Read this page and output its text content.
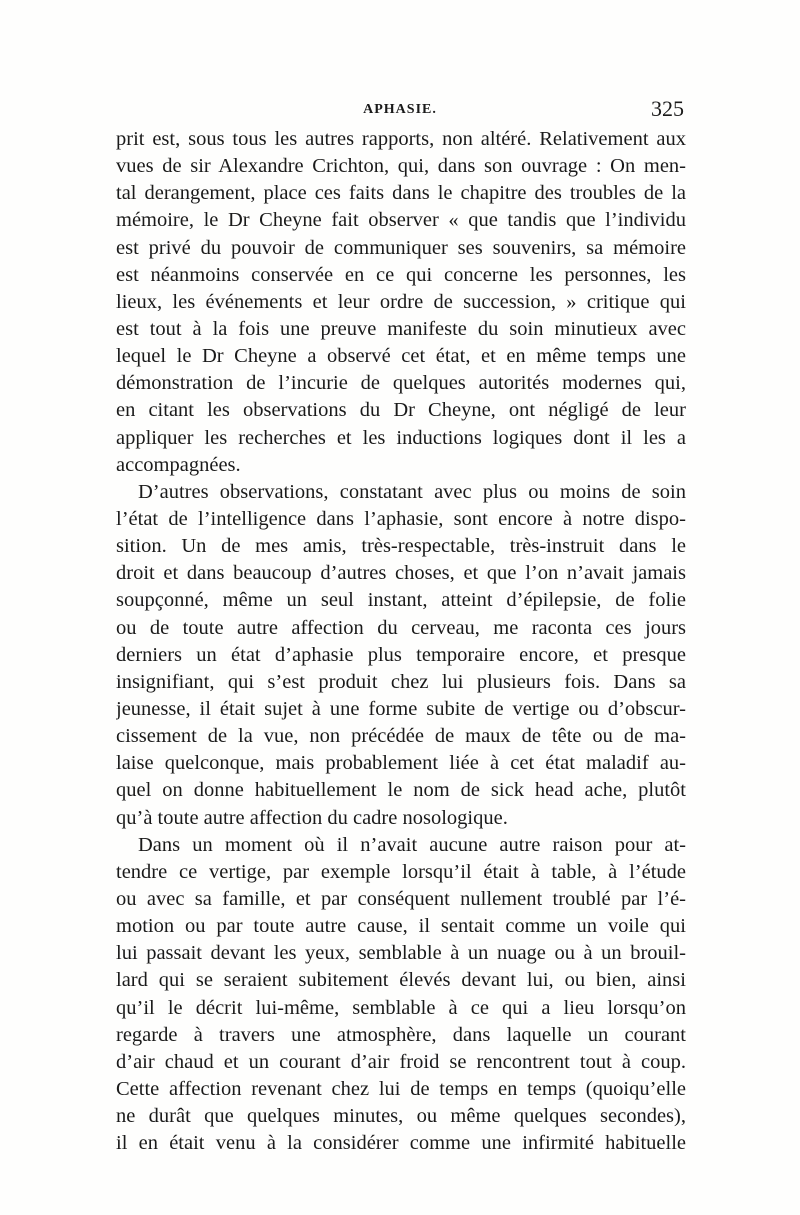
APHASIE.	325
prit est, sous tous les autres rapports, non altéré. Relativement aux
vues de sir Alexandre Crichton, qui, dans son ouvrage : On men-
tal derangement, place ces faits dans le chapitre des troubles de la
mémoire, le Dr Cheyne fait observer « que tandis que l’individu
est privé du pouvoir de communiquer ses souvenirs, sa mémoire
est néanmoins conservée en ce qui concerne les personnes, les
lieux, les événements et leur ordre de succession, » critique qui
est tout à la fois une preuve manifeste du soin minutieux avec
lequel le Dr Cheyne a observé cet état, et en même temps une
démonstration de l’incurie de quelques autorités modernes qui,
en citant les observations du Dr Cheyne, ont négligé de leur
appliquer les recherches et les inductions logiques dont il les a
accompagnées.
D’autres observations, constatant avec plus ou moins de soin
l’état de l’intelligence dans l’aphasie, sont encore à notre dispo-
sition. Un de mes amis, très-respectable, très-instruit dans le
droit et dans beaucoup d’autres choses, et que l’on n’avait jamais
soupçonné, même un seul instant, atteint d’épilepsie, de folie
ou de toute autre affection du cerveau, me raconta ces jours
derniers un état d’aphasie plus temporaire encore, et presque
insignifiant, qui s’est produit chez lui plusieurs fois. Dans sa
jeunesse, il était sujet à une forme subite de vertige ou d’obscur-
cissement de la vue, non précédée de maux de tête ou de ma-
laise quelconque, mais probablement liée à cet état maladif au-
quel on donne habituellement le nom de sick head ache, plutôt
qu’à toute autre affection du cadre nosologique.
Dans un moment où il n’avait aucune autre raison pour at-
tendre ce vertige, par exemple lorsqu’il était à table, à l’étude
ou avec sa famille, et par conséquent nullement troublé par l’é-
motion ou par toute autre cause, il sentait comme un voile qui
lui passait devant les yeux, semblable à un nuage ou à un brouil-
lard qui se seraient subitement élevés devant lui, ou bien, ainsi
qu’il le décrit lui-même, semblable à ce qui a lieu lorsqu’on
regarde à travers une atmosphère, dans laquelle un courant
d’air chaud et un courant d’air froid se rencontrent tout à coup.
Cette affection revenant chez lui de temps en temps (quoiqu’elle
ne durât que quelques minutes, ou même quelques secondes),
il en était venu à la considérer comme une infirmité habituelle
